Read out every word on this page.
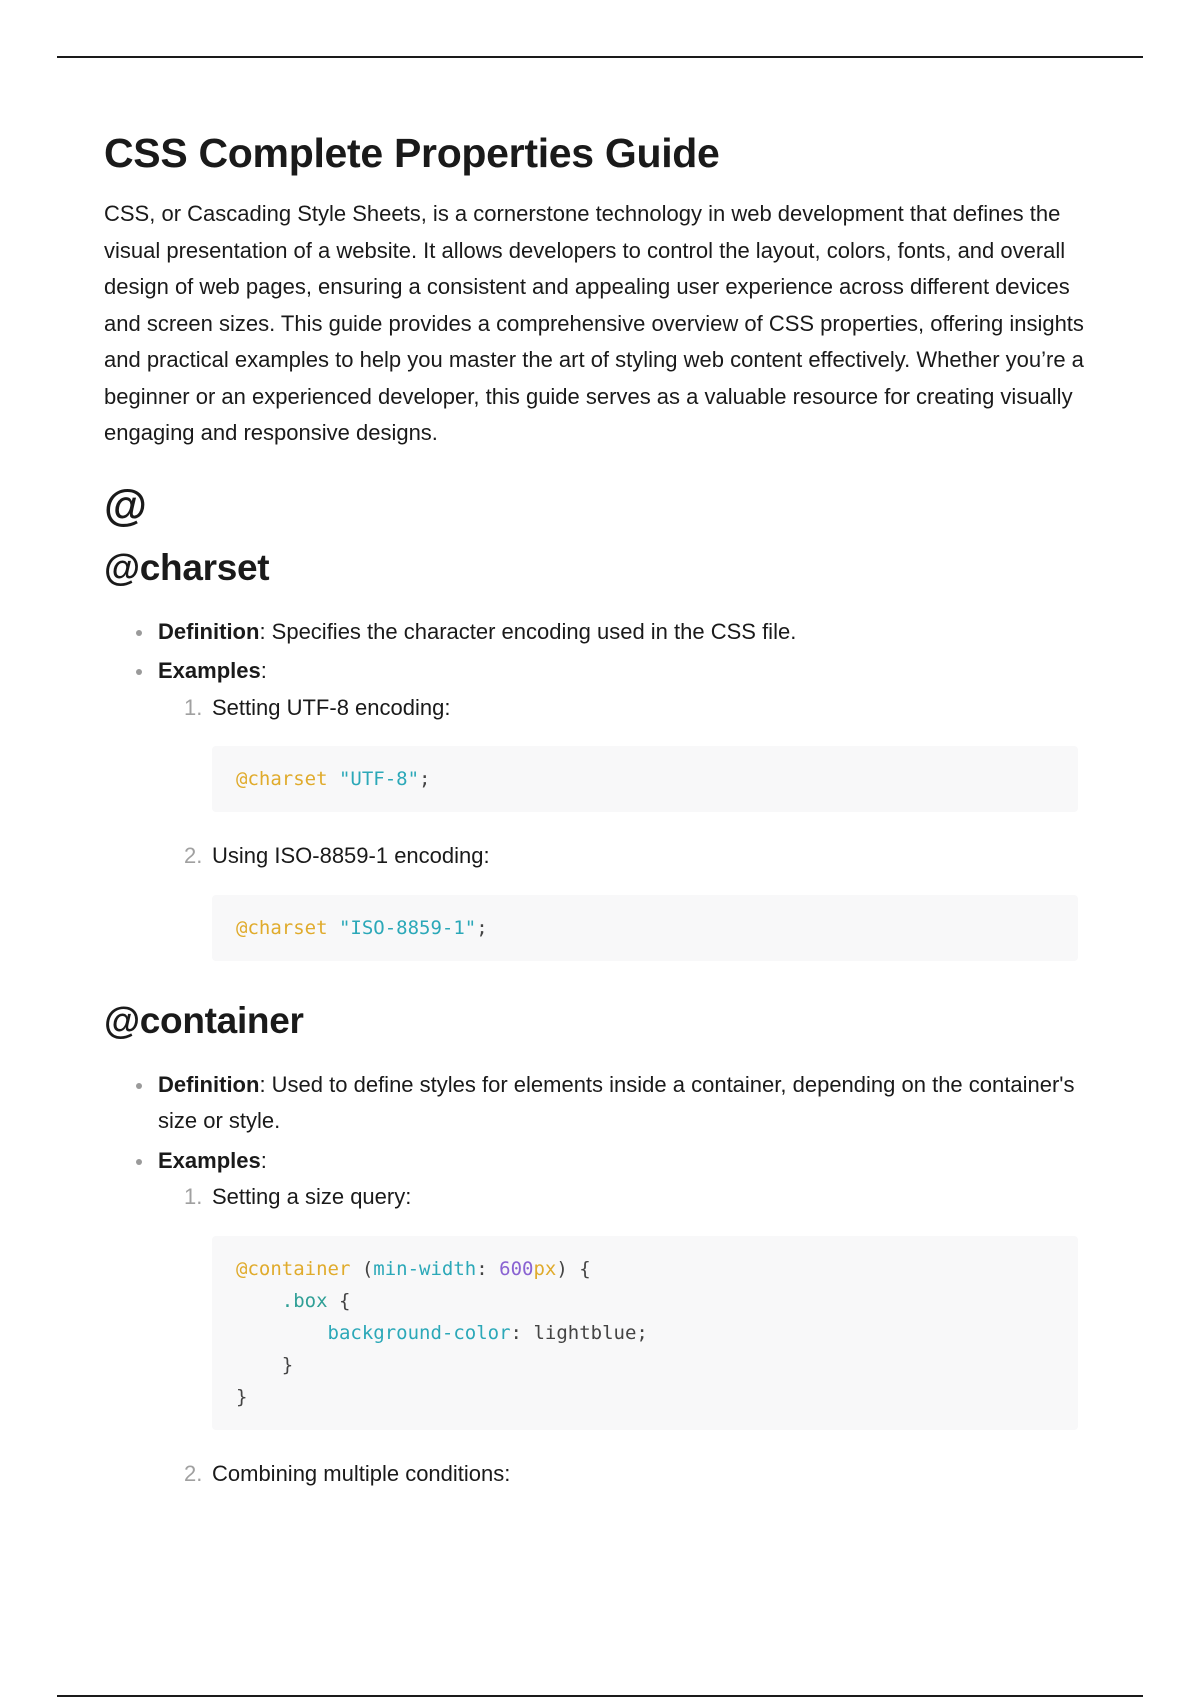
CSS Complete Properties Guide

CSS, or Cascading Style Sheets, is a cornerstone technology in web development that defines the visual presentation of a website. It allows developers to control the layout, colors, fonts, and overall design of web pages, ensuring a consistent and appealing user experience across different devices and screen sizes. This guide provides a comprehensive overview of CSS properties, offering insights and practical examples to help you master the art of styling web content effectively. Whether you’re a beginner or an experienced developer, this guide serves as a valuable resource for creating visually engaging and responsive designs.

@
@charset
Definition: Specifies the character encoding used in the CSS file.
Examples:
1. Setting UTF-8 encoding:
@charset "UTF-8";
2. Using ISO-8859-1 encoding:
@charset "ISO-8859-1";
@container
Definition: Used to define styles for elements inside a container, depending on the container's size or style.
Examples:
1. Setting a size query:
@container (min-width: 600px) {
.box {
background-color: lightblue;
}
}
2. Combining multiple conditions:
